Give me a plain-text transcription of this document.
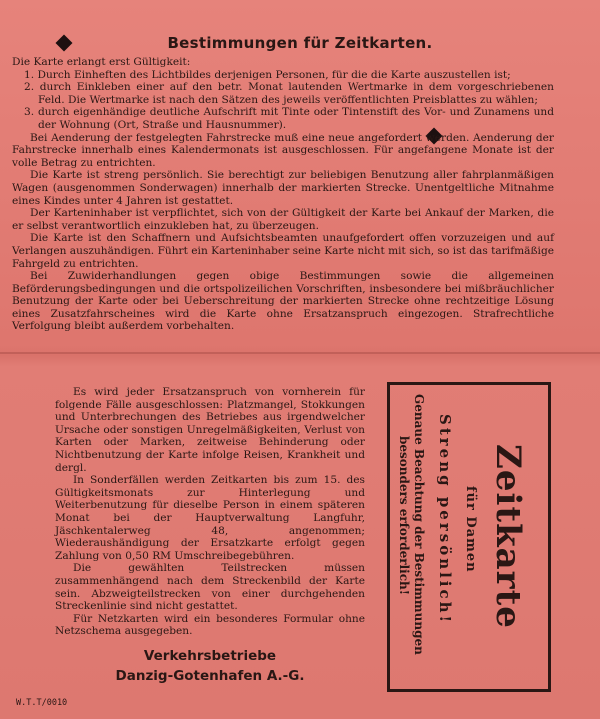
Bestimmungen für Zeitkarten.

Die Karte erlangt erst Gültigkeit:

1. Durch Einheften des Lichtbildes derjenigen Personen, für die die Karte auszustellen ist;

2. durch Einkleben einer auf den betr. Monat lautenden Wertmarke in dem vorgeschriebenen Feld. Die Wertmarke ist nach den Sätzen des jeweils veröffentlichten Preisblattes zu wählen;

3. durch eigenhändige deutliche Aufschrift mit Tinte oder Tintenstift des Vor- und Zunamens und der Wohnung (Ort, Straße und Hausnummer).

Bei Aenderung der festgelegten Fahrstrecke muß eine neue angefordert werden. Aenderung der Fahrstrecke innerhalb eines Kalendermonats ist ausgeschlossen. Für angefangene Monate ist der volle Betrag zu entrichten.

Die Karte ist streng persönlich. Sie berechtigt zur beliebigen Benutzung aller fahrplanmäßigen Wagen (ausgenommen Sonderwagen) innerhalb der markierten Strecke. Unentgeltliche Mitnahme eines Kindes unter 4 Jahren ist gestattet.

Der Karteninhaber ist verpflichtet, sich von der Gültigkeit der Karte bei Ankauf der Marken, die er selbst verantwortlich einzukleben hat, zu überzeugen.

Die Karte ist den Schaffnern und Aufsichtsbeamten unaufgefordert offen vorzuzeigen und auf Verlangen auszuhändigen. Führt ein Karteninhaber seine Karte nicht mit sich, so ist das tarifmäßige Fahrgeld zu entrichten.

Bei Zuwiderhandlungen gegen obige Bestimmungen sowie die allgemeinen Beförderungsbedingungen und die ortspolizeilichen Vorschriften, insbesondere bei mißbräuchlicher Benutzung der Karte oder bei Ueberschreitung der markierten Strecke ohne rechtzeitige Lösung eines Zusatzfahrscheines wird die Karte ohne Ersatzanspruch eingezogen. Strafrechtliche Verfolgung bleibt außerdem vorbehalten.

Es wird jeder Ersatzanspruch von vornherein für folgende Fälle ausgeschlossen: Platzmangel, Stokkungen und Unterbrechungen des Betriebes aus irgendwelcher Ursache oder sonstigen Unregelmäßigkeiten, Verlust von Karten oder Marken, zeitweise Behinderung oder Nichtbenutzung der Karte infolge Reisen, Krankheit und dergl.

In Sonderfällen werden Zeitkarten bis zum 15. des Gültigkeitsmonats zur Hinterlegung und Weiterbenutzung für dieselbe Person in einem späteren Monat bei der Hauptverwaltung Langfuhr, Jäschkentalerweg 48, angenommen; Wiederaushändigung der Ersatzkarte erfolgt gegen Zahlung von 0,50 RM Umschreibegebühren.

Die gewählten Teilstrecken müssen zusammenhängend nach dem Streckenbild der Karte sein. Abzweigteilstrecken von einer durchgehenden Streckenlinie sind nicht gestattet.

Für Netzkarten wird ein besonderes Formular ohne Netzschema ausgegeben.

Verkehrsbetriebe
Danzig-Gotenhafen A.-G.
W.T.T/0010
Zeitkarte
für Damen
Streng persönlich!
Genaue Beachtung der Bestimmungen
besonders erforderlich!
